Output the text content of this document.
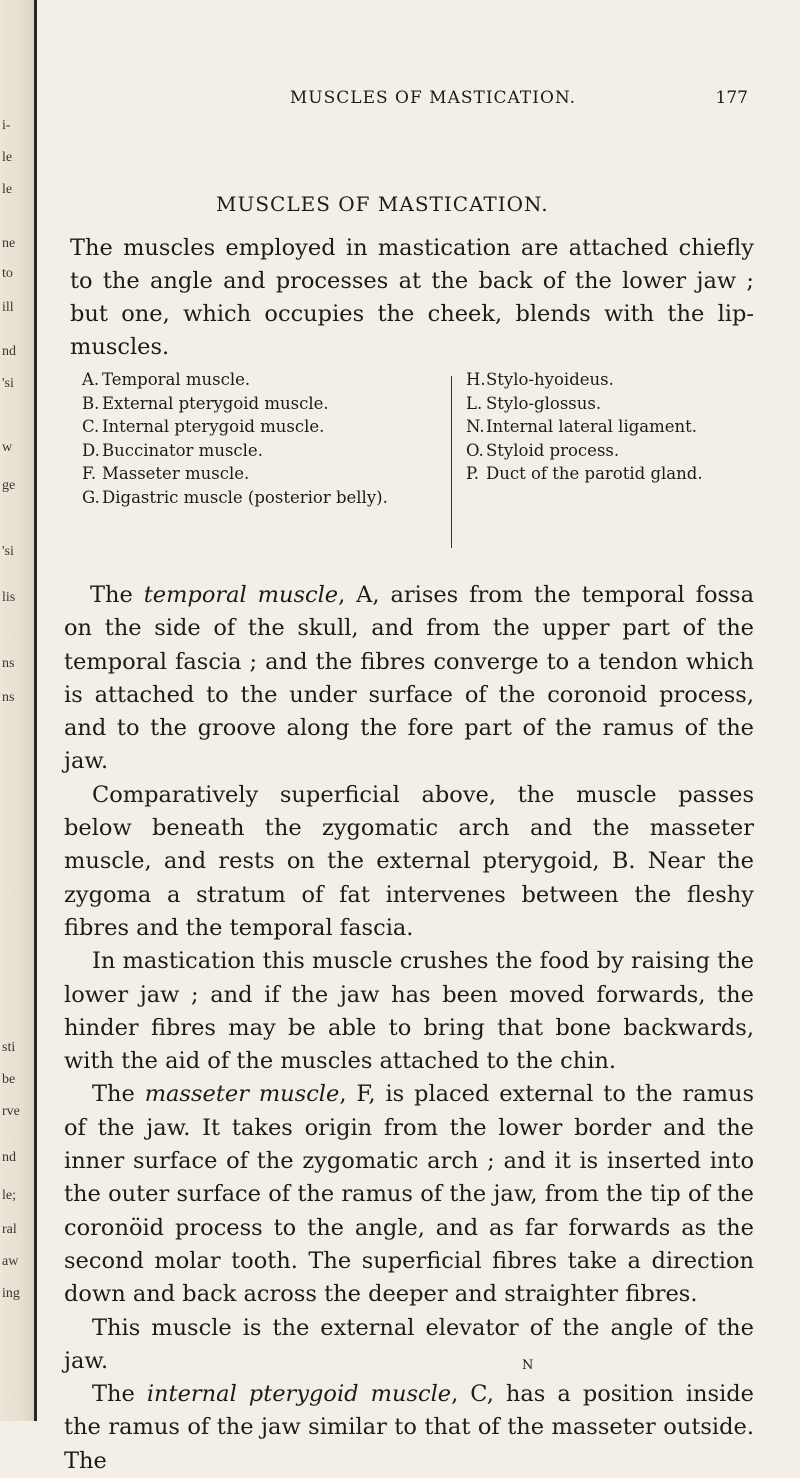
i-
le
le
ne
to
ill
nd
'si
w
ge
'si
lis
ns
ns
sti
be
rve
nd
le;
ral
aw
ing
MUSCLES OF MASTICATION.	177
MUSCLES OF MASTICATION.
The muscles employed in mastication are attached chiefly to the angle and processes at the back of the lower jaw ; but one, which occupies the cheek, blends with the lip-muscles.
A. Temporal muscle.
B. External pterygoid muscle.
C. Internal pterygoid muscle.
D. Buccinator muscle.
F. Masseter muscle.
G. Digastric muscle (posterior belly).
H. Stylo-hyoideus.
L. Stylo-glossus.
N. Internal lateral ligament.
O. Styloid process.
P. Duct of the parotid gland.

The temporal muscle, A, arises from the temporal fossa on the side of the skull, and from the upper part of the temporal fascia ; and the fibres converge to a tendon which is attached to the under surface of the coronoid process, and to the groove along the fore part of the ramus of the jaw.

Comparatively superficial above, the muscle passes below beneath the zygomatic arch and the masseter muscle, and rests on the external pterygoid, B. Near the zygoma a stratum of fat intervenes between the fleshy fibres and the temporal fascia.

In mastication this muscle crushes the food by raising the lower jaw ; and if the jaw has been moved forwards, the hinder fibres may be able to bring that bone backwards, with the aid of the muscles attached to the chin.

The masseter muscle, F, is placed external to the ramus of the jaw. It takes origin from the lower border and the inner surface of the zygomatic arch ; and it is inserted into the outer surface of the ramus of the jaw, from the tip of the coronöid process to the angle, and as far forwards as the second molar tooth. The superficial fibres take a direction down and back across the deeper and straighter fibres.

This muscle is the external elevator of the angle of the jaw.

The internal pterygoid muscle, C, has a position inside the ramus of the jaw similar to that of the masseter outside. The

N
